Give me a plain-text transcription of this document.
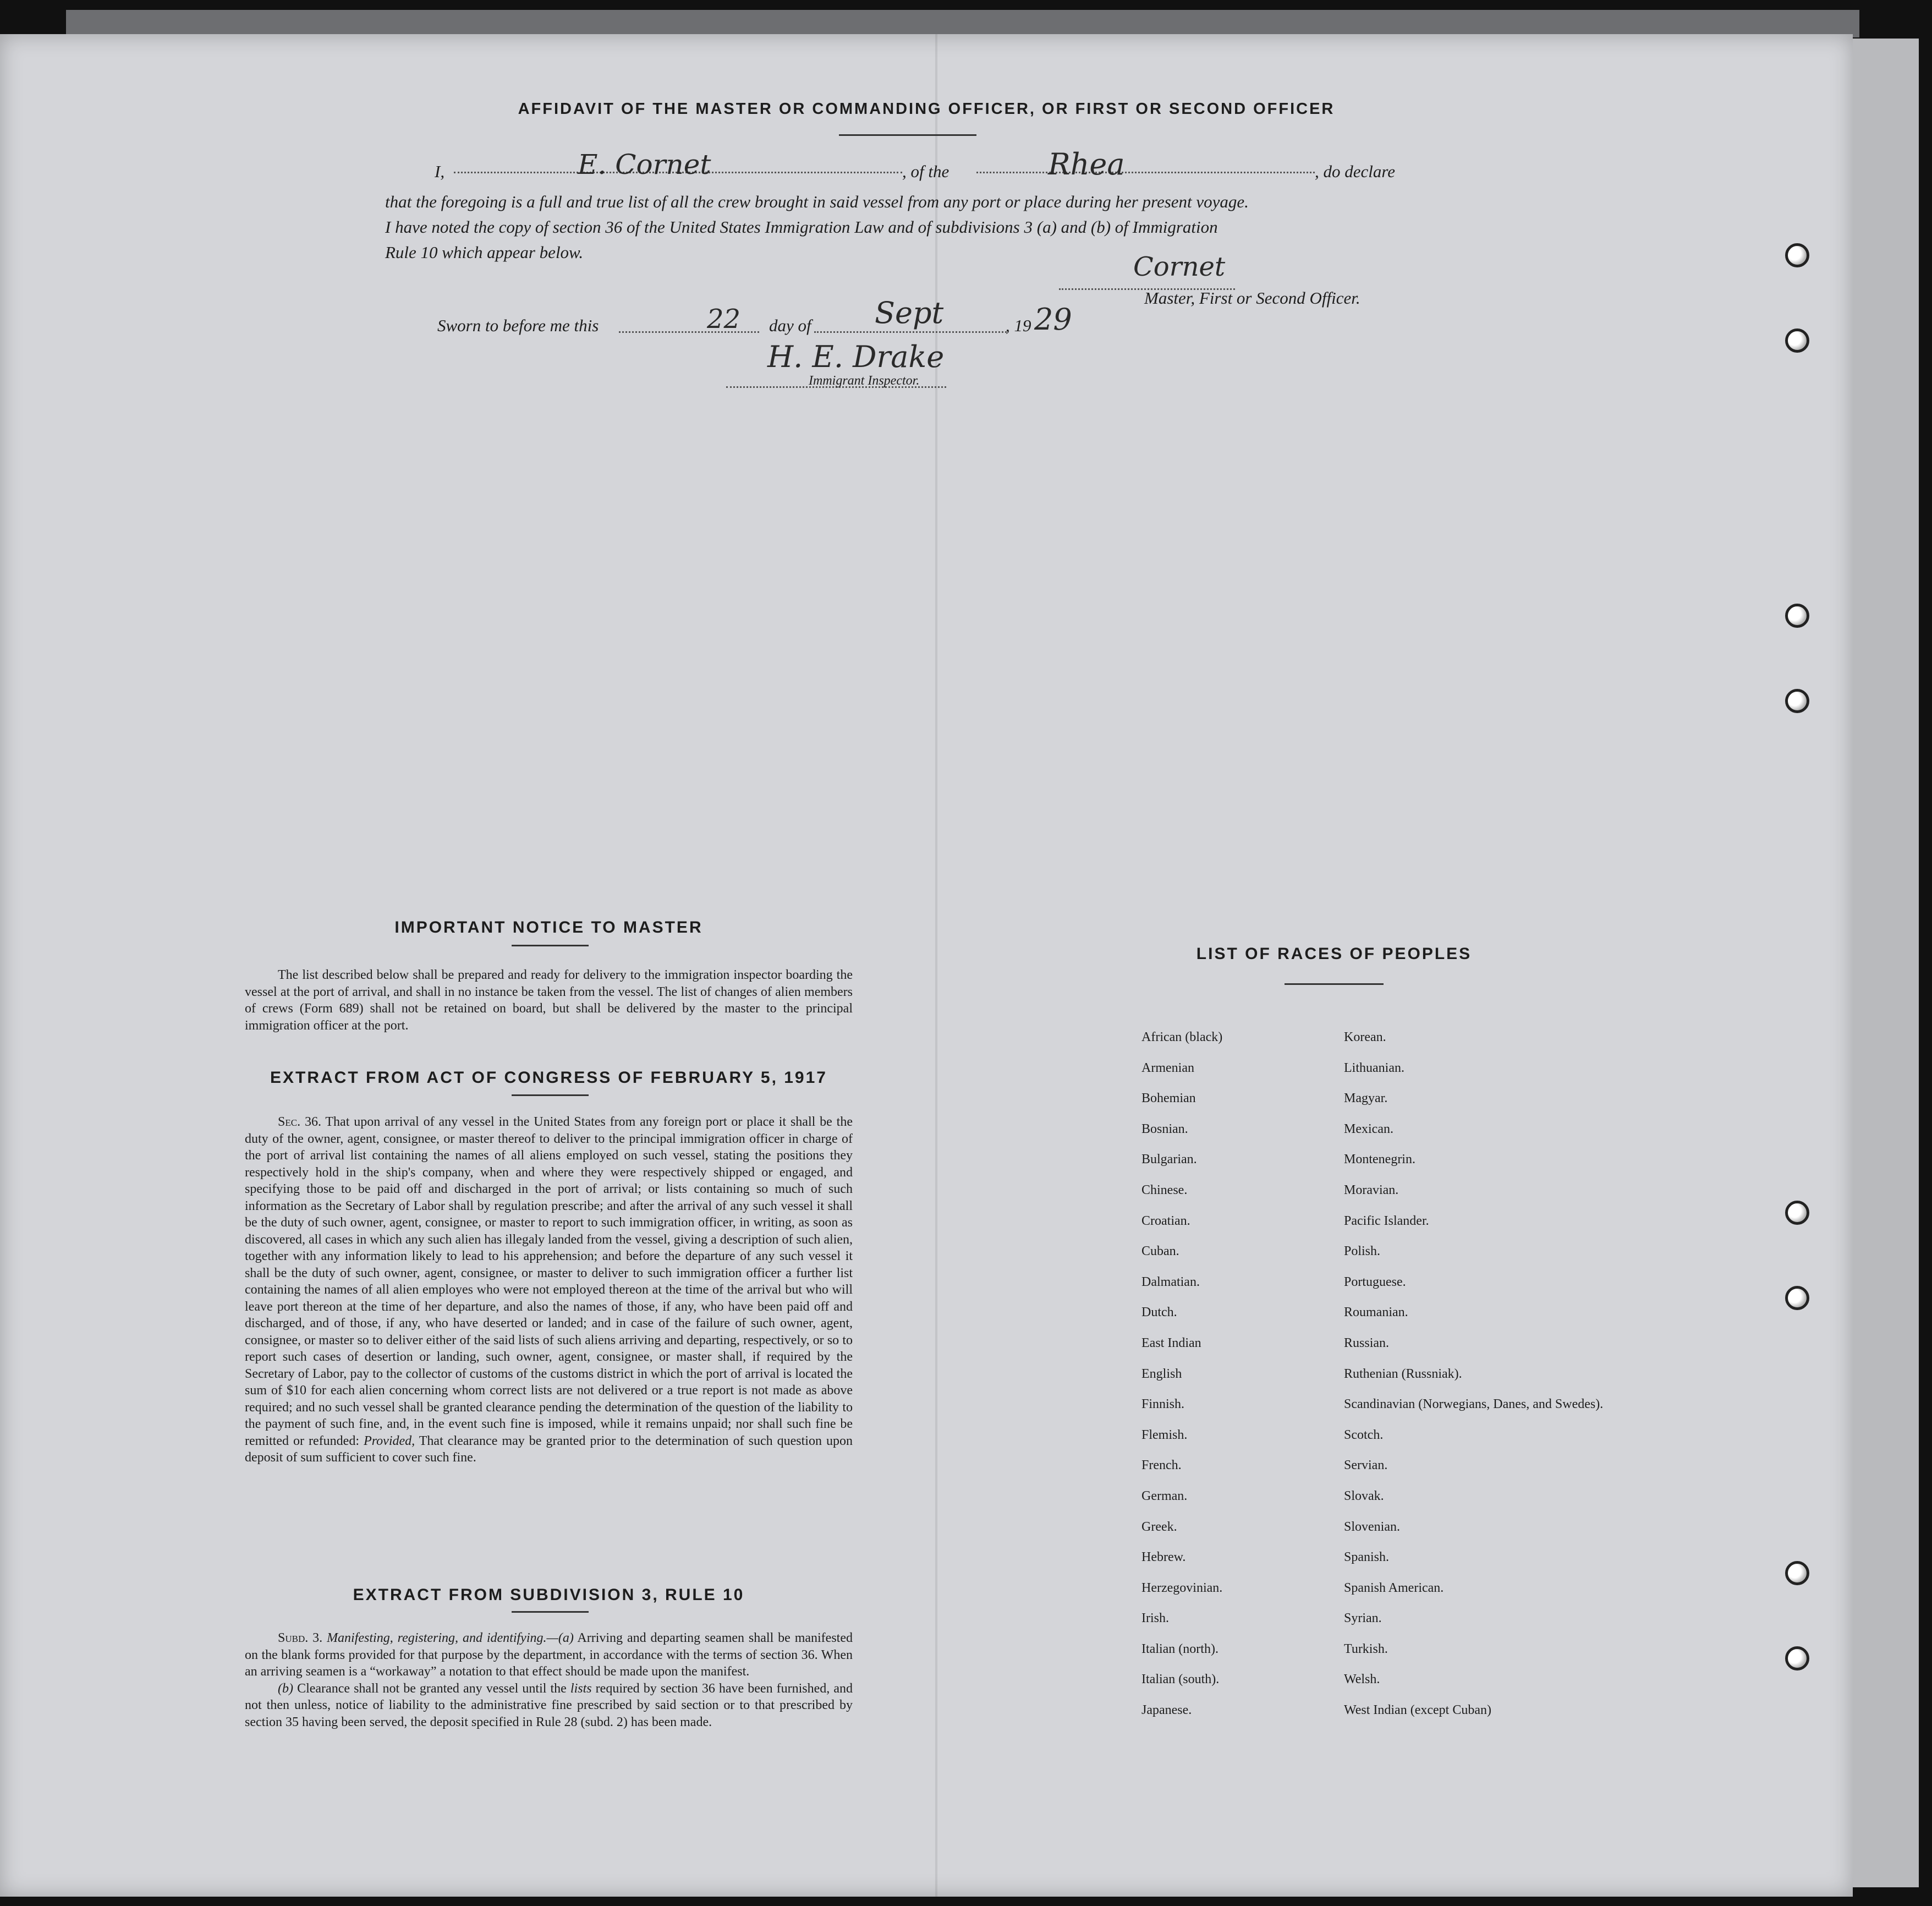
AFFIDAVIT OF THE MASTER OR COMMANDING OFFICER, OR FIRST OR SECOND OFFICER
I,	E. Cornet	, of the	Rhea	, do declare
that the foregoing is a full and true list of all the crew brought in said vessel from any port or place during her present voyage.
I have noted the copy of section 36 of the United States Immigration Law and of subdivisions 3 (a) and (b) of Immigration
Rule 10 which appear below.	Cornet
Master, First or Second Officer.
Sworn to before me this	22 day of Sept	, 19 29
H. E. Drake
Immigrant Inspector.
IMPORTANT NOTICE TO MASTER

The list described below shall be prepared and ready for delivery to the immigration inspector boarding the vessel at the port of arrival, and shall in no instance be taken from the vessel. The list of changes of alien members of crews (Form 689) shall not be retained on board, but shall be delivered by the master to the principal immigration officer at the port.

EXTRACT FROM ACT OF CONGRESS OF FEBRUARY 5, 1917

Sec. 36. That upon arrival of any vessel in the United States from any foreign port or place it shall be the duty of the owner, agent, consignee, or master thereof to deliver to the principal immigration officer in charge of the port of arrival list containing the names of all aliens employed on such vessel, stating the positions they respectively hold in the ship's company, when and where they were respectively shipped or engaged, and specifying those to be paid off and discharged in the port of arrival; or lists containing so much of such information as the Secretary of Labor shall by regulation prescribe; and after the arrival of any such vessel it shall be the duty of such owner, agent, consignee, or master to report to such immigration officer, in writing, as soon as discovered, all cases in which any such alien has illegaly landed from the vessel, giving a description of such alien, together with any information likely to lead to his apprehension; and before the departure of any such vessel it shall be the duty of such owner, agent, consignee, or master to deliver to such immigration officer a further list containing the names of all alien employes who were not employed thereon at the time of the arrival but who will leave port thereon at the time of her departure, and also the names of those, if any, who have been paid off and discharged, and of those, if any, who have deserted or landed; and in case of the failure of such owner, agent, consignee, or master so to deliver either of the said lists of such aliens arriving and departing, respectively, or so to report such cases of desertion or landing, such owner, agent, consignee, or master shall, if required by the Secretary of Labor, pay to the collector of customs of the customs district in which the port of arrival is located the sum of $10 for each alien concerning whom correct lists are not delivered or a true report is not made as above required; and no such vessel shall be granted clearance pending the determination of the question of the liability to the payment of such fine, and, in the event such fine is imposed, while it remains unpaid; nor shall such fine be remitted or refunded: Provided, That clearance may be granted prior to the determination of such question upon deposit of sum sufficient to cover such fine.

EXTRACT FROM SUBDIVISION 3, RULE 10

Subd. 3. Manifesting, registering, and identifying.—(a) Arriving and departing seamen shall be manifested on the blank forms provided for that purpose by the department, in accordance with the terms of section 36. When an arriving seamen is a “workaway” a notation to that effect should be made upon the manifest.

(b) Clearance shall not be granted any vessel until the lists required by section 36 have been furnished, and not then unless, notice of liability to the administrative fine prescribed by said section or to that prescribed by section 35 having been served, the deposit specified in Rule 28 (subd. 2) has been made.

LIST OF RACES OF PEOPLES
African (black)
Armenian
Bohemian
Bosnian.
Bulgarian.
Chinese.
Croatian.
Cuban.
Dalmatian.
Dutch.
East Indian
English
Finnish.
Flemish.
French.
German.
Greek.
Hebrew.
Herzegovinian.
Irish.
Italian (north).
Italian (south).
Japanese.
Korean.
Lithuanian.
Magyar.
Mexican.
Montenegrin.
Moravian.
Pacific Islander.
Polish.
Portuguese.
Roumanian.
Russian.
Ruthenian (Russniak).
Scandinavian (Norwegians, Danes, and Swedes).
Scotch.
Servian.
Slovak.
Slovenian.
Spanish.
Spanish American.
Syrian.
Turkish.
Welsh.
West Indian (except Cuban)
